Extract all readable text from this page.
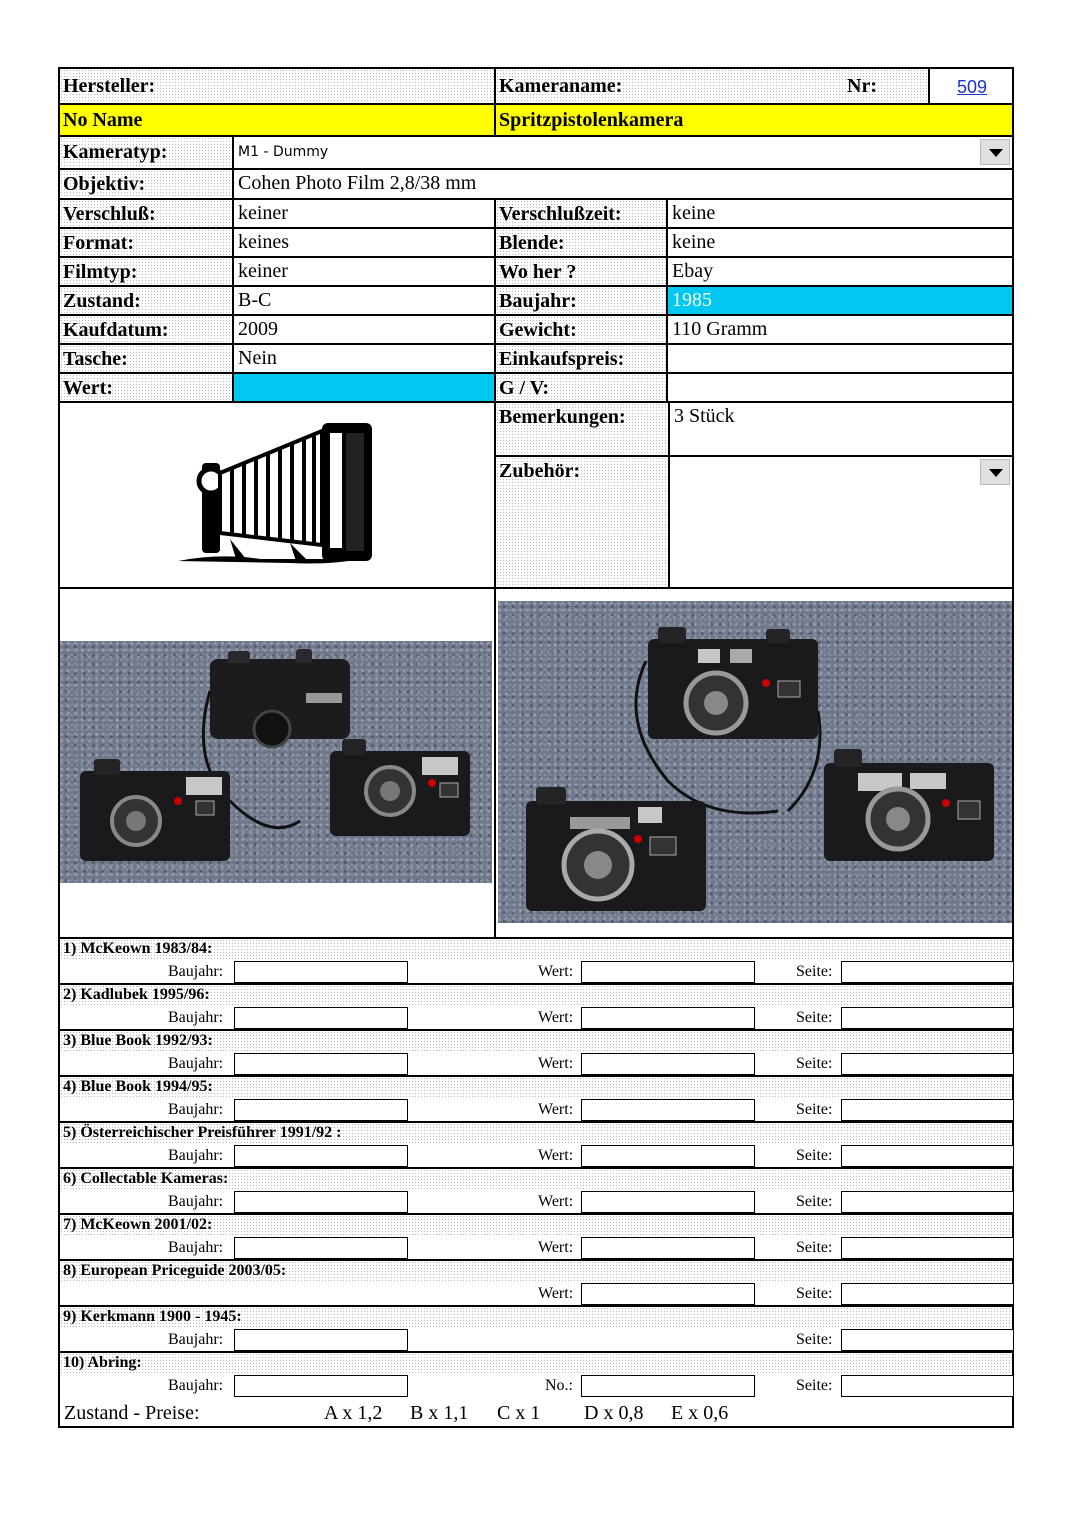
Hersteller:	Kameraname:	Nr:	509
No Name	Spritzpistolenkamera
Kameratyp:	M1 - Dummy
Objektiv:	Cohen Photo Film 2,8/38 mm
Verschluß:	keiner	Verschlußzeit:	keine
Format:	keines	Blende:	keine
Filmtyp:	keiner	Wo her ?	Ebay
Zustand:	B-C	Baujahr:	1985
Kaufdatum:	2009	Gewicht:	110 Gramm
Tasche:	Nein	Einkaufspreis:
Wert:	G / V:
Bemerkungen:	3 Stück
Zubehör:
1) McKeown 1983/84:
Baujahr:	Wert:	Seite:
2) Kadlubek 1995/96:
Baujahr:	Wert:	Seite:
3) Blue Book 1992/93:
Baujahr:	Wert:	Seite:
4) Blue Book 1994/95:
Baujahr:	Wert:	Seite:
5) Österreichischer Preisführer 1991/92 :
Baujahr:	Wert:	Seite:
6) Collectable Kameras:
Baujahr:	Wert:	Seite:
7) McKeown 2001/02:
Baujahr:	Wert:	Seite:
8) European Priceguide 2003/05:
Wert:	Seite:
9) Kerkmann 1900 - 1945:
Baujahr:	Seite:
10) Abring:
Baujahr:	No.:	Seite:
Zustand - Preise:	A x 1,2 B x 1,1 C x 1 D x 0,8 E x 0,6
